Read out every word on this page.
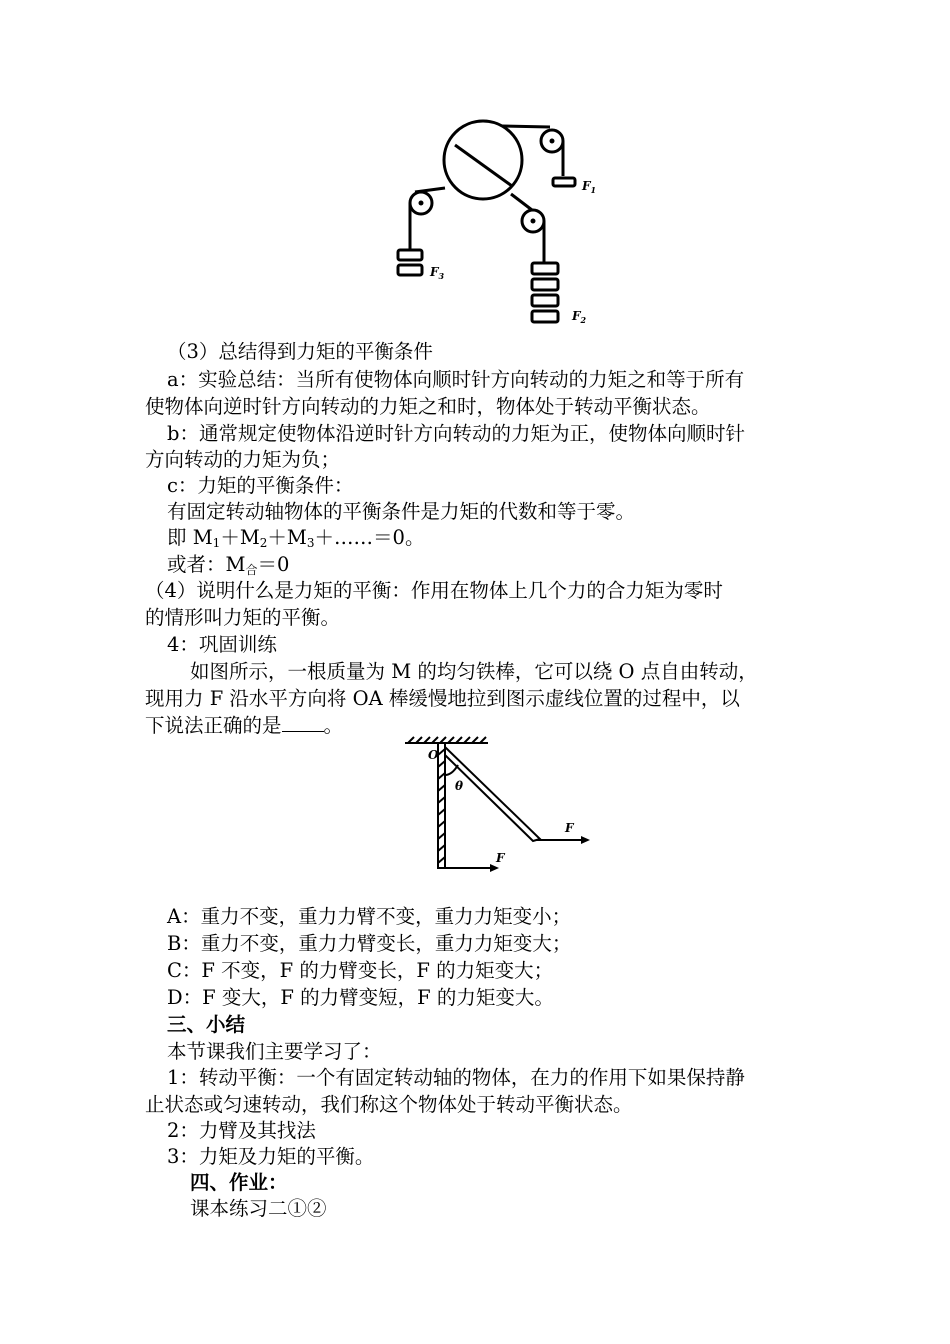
$F_1$
$F_3$
$F_2$
（3）总结得到力矩的平衡条件
a：实验总结：当所有使物体向顺时针方向转动的力矩之和等于所有
使物体向逆时针方向转动的力矩之和时，物体处于转动平衡状态。
b：通常规定使物体沿逆时针方向转动的力矩为正，使物体向顺时针
方向转动的力矩为负；
c：力矩的平衡条件：
有固定转动轴物体的平衡条件是力矩的代数和等于零。
即 $M_1+M_2+M_3+\dots\dots=0$。
或者：$M_合=0$
（4）说明什么是力矩的平衡：作用在物体上几个力的合力矩为零时
的情形叫力矩的平衡。
4：巩固训练
如图所示，一根质量为 M 的均匀铁棒，它可以绕 O 点自由转动，
现用力 F 沿水平方向将 OA 棒缓慢地拉到图示虚线位置的过程中，以
下说法正确的是 。
O
θ
F
F
A：重力不变，重力力臂不变，重力力矩变小；
B：重力不变，重力力臂变长，重力力矩变大；
C：F 不变，F 的力臂变长，F 的力矩变大；
D：F 变大，F 的力臂变短，F 的力矩变大。
三、小结
本节课我们主要学习了：
1：转动平衡：一个有固定转动轴的物体，在力的作用下如果保持静
止状态或匀速转动，我们称这个物体处于转动平衡状态。
2：力臂及其找法
3：力矩及力矩的平衡。
四、作业：
课本练习二①②
